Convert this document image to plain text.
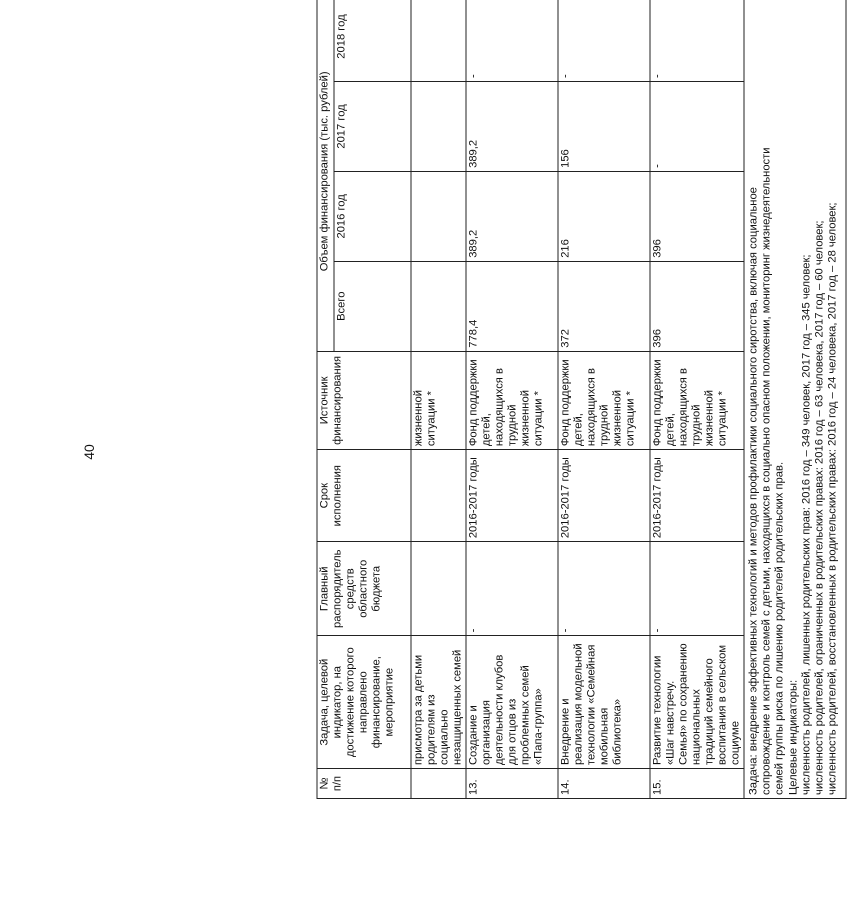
40
№ п/п	Задача, целевой индикатор, на достижение которого направлено финансирование, мероприятие	Главный распорядитель средств областного бюджета	Срок исполнения	Источник финансирования	Объем финансирования (тыс. рублей)			
					Всего	2016 год	2017 год	2018 год
	присмотра за детьми родителям из социально незащищенных семей			жизненной ситуации *				
13.	Создание и организация деятельности клубов для отцов из проблемных семей «Папа-группа»	-	2016-2017 годы	Фонд поддержки детей, находящихся в трудной жизненной ситуации *	778,4	389,2	389,2	-
14.	Внедрение и реализация модельной технологии «Семейная мобильная библиотека»	-	2016-2017 годы	Фонд поддержки детей, находящихся в трудной жизненной ситуации *	372	216	156	-
15.	Развитие технологии «Шаг навстречу. Семья» по сохранению национальных традиций семейного воспитания в сельском социуме	-	2016-2017 годы	Фонд поддержки детей, находящихся в трудной жизненной ситуации *	396	396	-	-
Задача: внедрение эффективных технологий и методов профилактики социального сиротства, включая социальное сопровождение и контроль семей с детьми, находящихся в социально опасном положении, мониторинг жизнедеятельности семей группы риска по лишению родителей родительских прав. Целевые индикаторы: численность родителей, лишенных родительских прав: 2016 год – 349 человек, 2017 год – 345 человек; численность родителей, ограниченных в родительских правах: 2016 год – 63 человека, 2017 год – 60 человек; численность родителей, восстановленных в родительских правах: 2016 год – 24 человека, 2017 год – 28 человек;
